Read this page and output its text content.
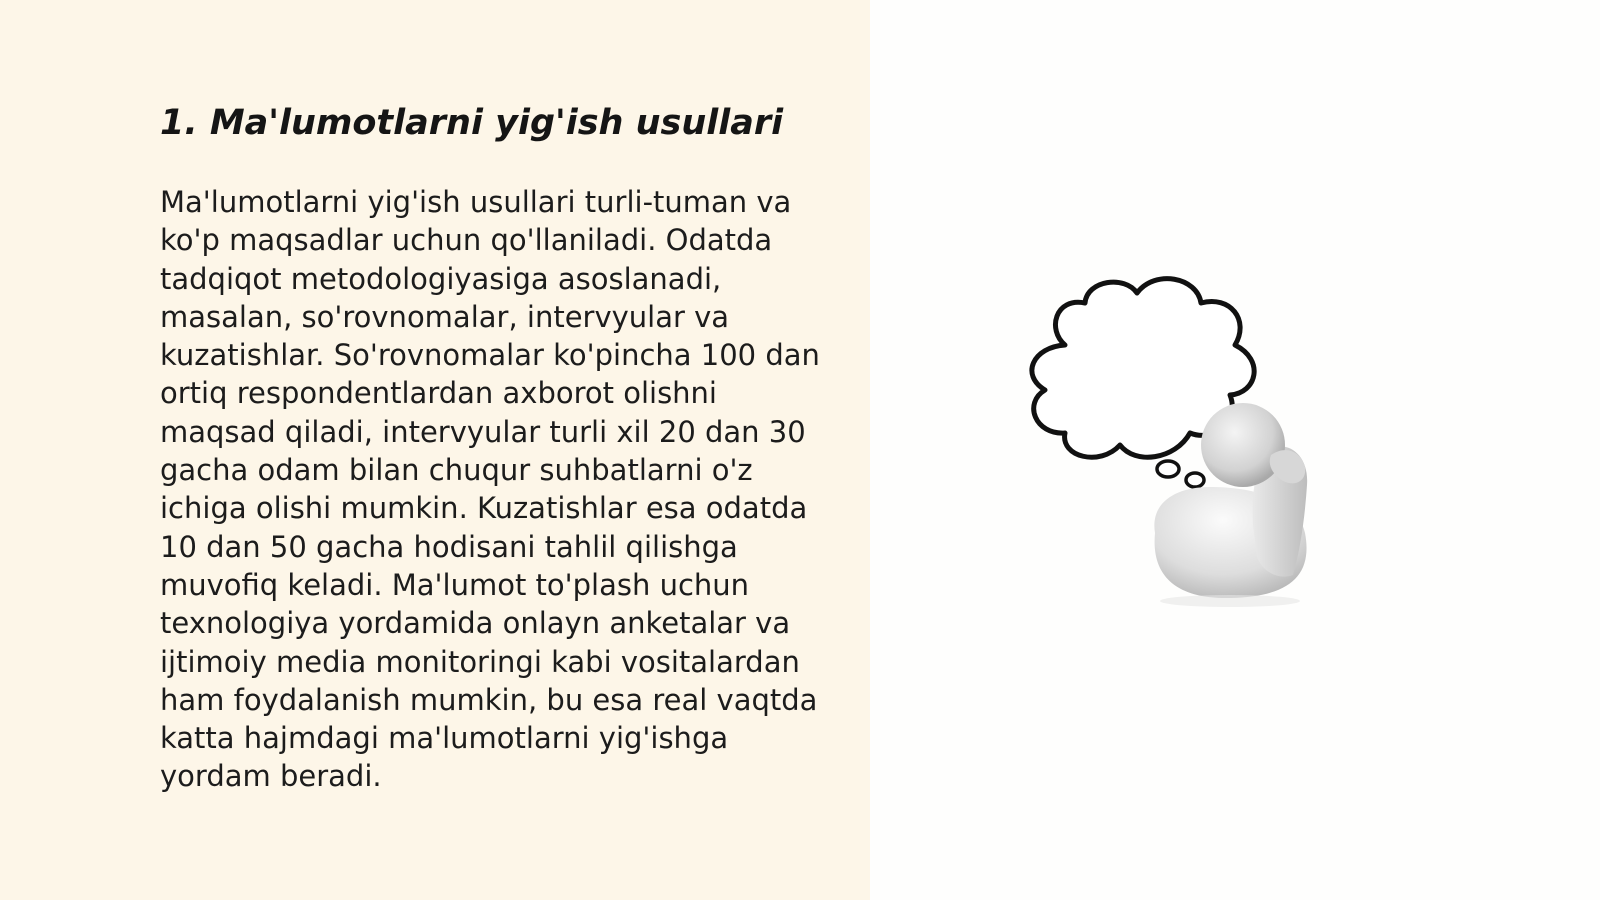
1. Ma'lumotlarni yig'ish usullari

Ma'lumotlarni yig'ish usullari turli-tuman va ko'p maqsadlar uchun qo'llaniladi. Odatda tadqiqot metodologiyasiga asoslanadi, masalan, so'rovnomalar, intervyular va kuzatishlar. So'rovnomalar ko'pincha 100 dan ortiq respondentlardan axborot olishni maqsad qiladi, intervyular turli xil 20 dan 30 gacha odam bilan chuqur suhbatlarni o'z ichiga olishi mumkin. Kuzatishlar esa odatda 10 dan 50 gacha hodisani tahlil qilishga muvofiq keladi. Ma'lumot to'plash uchun texnologiya yordamida onlayn anketalar va ijtimoiy media monitoringi kabi vositalardan ham foydalanish mumkin, bu esa real vaqtda katta hajmdagi ma'lumotlarni yig'ishga yordam beradi.
